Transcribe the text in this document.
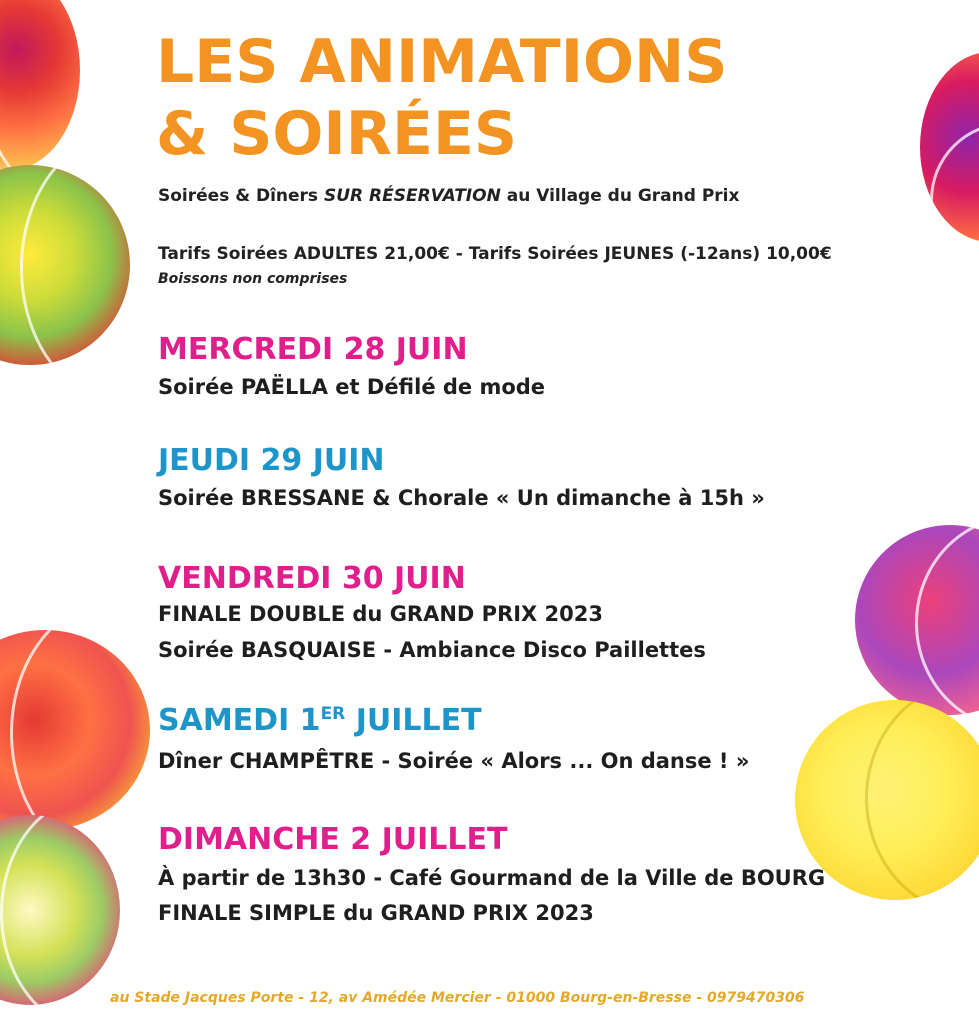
LES ANIMATIONS
& SOIRÉES
Soirées & Dîners SUR RÉSERVATION au Village du Grand Prix
Tarifs Soirées ADULTES 21,00€ - Tarifs Soirées JEUNES (-12ans) 10,00€
Boissons non comprises
MERCREDI 28 JUIN
Soirée PAËLLA et Défilé de mode
JEUDI 29 JUIN
Soirée BRESSANE & Chorale « Un dimanche à 15h »
VENDREDI 30 JUIN
FINALE DOUBLE du GRAND PRIX 2023
Soirée BASQUAISE - Ambiance Disco Paillettes
SAMEDI 1ER JUILLET
Dîner CHAMPÊTRE - Soirée « Alors ... On danse ! »
DIMANCHE 2 JUILLET
À partir de 13h30 - Café Gourmand de la Ville de BOURG
FINALE SIMPLE du GRAND PRIX 2023
au Stade Jacques Porte - 12, av Amédée Mercier - 01000 Bourg-en-Bresse - 0979470306
